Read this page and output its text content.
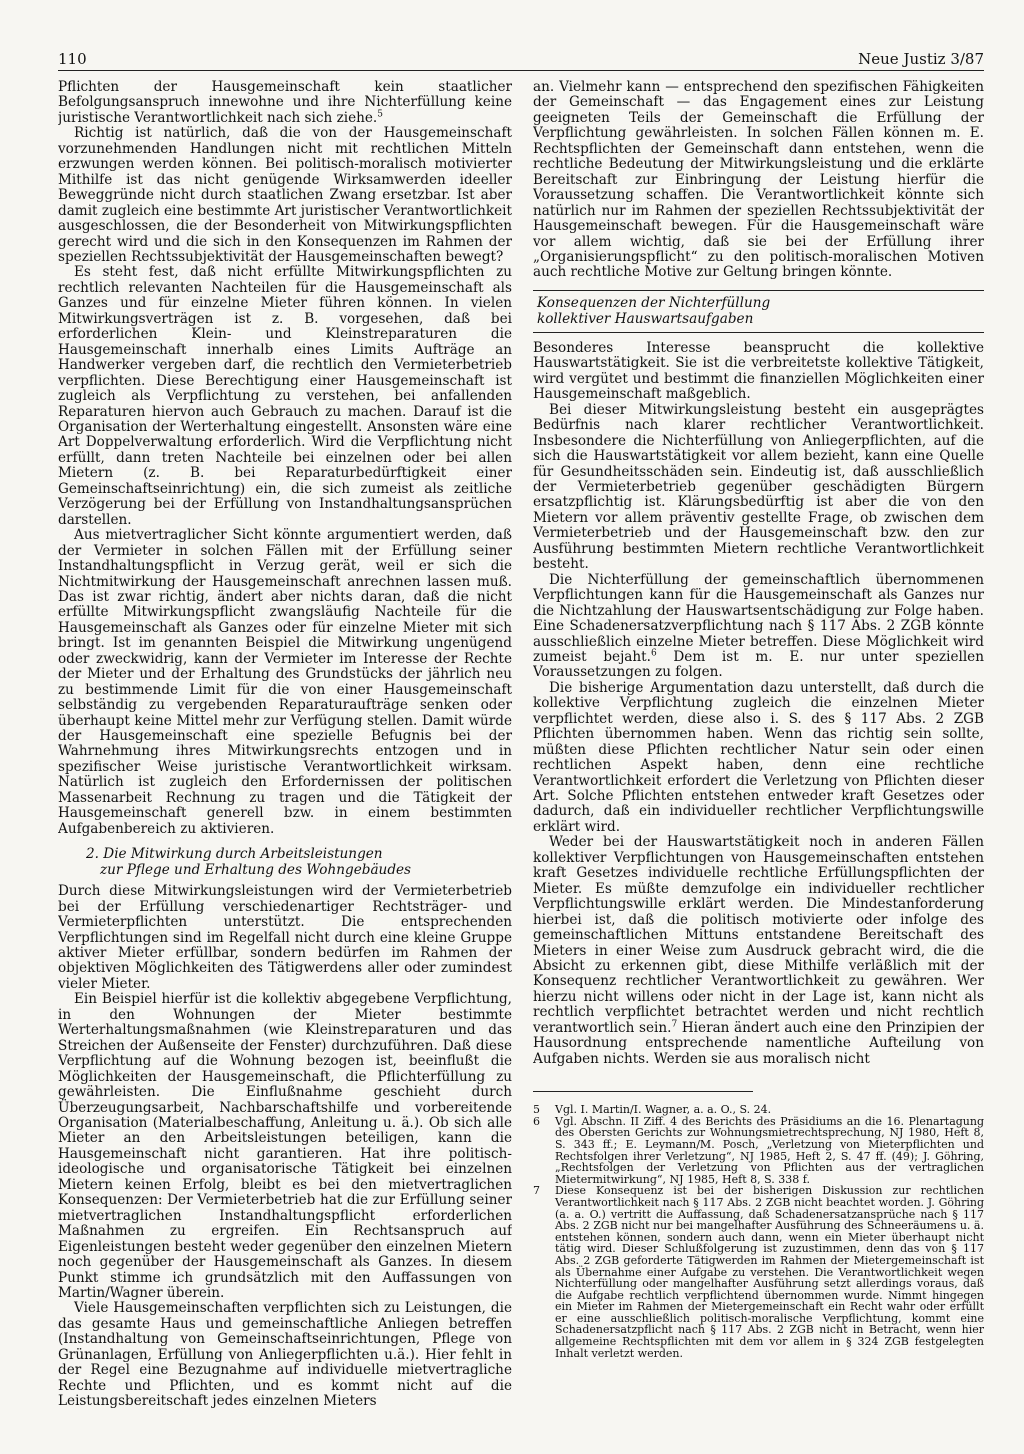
110	Neue Justiz 3/87

Pflichten der Hausgemeinschaft kein staatlicher Befolgungsanspruch innewohne und ihre Nichterfüllung keine juristische Verantwortlichkeit nach sich ziehe.$^5$

Richtig ist natürlich, daß die von der Hausgemeinschaft vorzunehmenden Handlungen nicht mit rechtlichen Mitteln erzwungen werden können. Bei politisch-moralisch motivierter Mithilfe ist das nicht genügende Wirksamwerden ideeller Beweggründe nicht durch staatlichen Zwang ersetzbar. Ist aber damit zugleich eine bestimmte Art juristischer Verantwortlichkeit ausgeschlossen, die der Besonderheit von Mitwirkungspflichten gerecht wird und die sich in den Konsequenzen im Rahmen der speziellen Rechtssubjektivität der Hausgemeinschaften bewegt?

Es steht fest, daß nicht erfüllte Mitwirkungspflichten zu rechtlich relevanten Nachteilen für die Hausgemeinschaft als Ganzes und für einzelne Mieter führen können. In vielen Mitwirkungsverträgen ist z. B. vorgesehen, daß bei erforderlichen Klein- und Kleinstreparaturen die Hausgemeinschaft innerhalb eines Limits Aufträge an Handwerker vergeben darf, die rechtlich den Vermieterbetrieb verpflichten. Diese Berechtigung einer Hausgemeinschaft ist zugleich als Verpflichtung zu verstehen, bei anfallenden Reparaturen hiervon auch Gebrauch zu machen. Darauf ist die Organisation der Werterhaltung eingestellt. Ansonsten wäre eine Art Doppelverwaltung erforderlich. Wird die Verpflichtung nicht erfüllt, dann treten Nachteile bei einzelnen oder bei allen Mietern (z. B. bei Reparaturbedürftigkeit einer Gemeinschaftseinrichtung) ein, die sich zumeist als zeitliche Verzögerung bei der Erfüllung von Instandhaltungsansprüchen darstellen.

Aus mietvertraglicher Sicht könnte argumentiert werden, daß der Vermieter in solchen Fällen mit der Erfüllung seiner Instandhaltungspflicht in Verzug gerät, weil er sich die Nichtmitwirkung der Hausgemeinschaft anrechnen lassen muß. Das ist zwar richtig, ändert aber nichts daran, daß die nicht erfüllte Mitwirkungspflicht zwangsläufig Nachteile für die Hausgemeinschaft als Ganzes oder für einzelne Mieter mit sich bringt. Ist im genannten Beispiel die Mitwirkung ungenügend oder zweckwidrig, kann der Vermieter im Interesse der Rechte der Mieter und der Erhaltung des Grundstücks der jährlich neu zu bestimmende Limit für die von einer Hausgemeinschaft selbständig zu vergebenden Reparaturaufträge senken oder überhaupt keine Mittel mehr zur Verfügung stellen. Damit würde der Hausgemeinschaft eine spezielle Befugnis bei der Wahrnehmung ihres Mitwirkungsrechts entzogen und in spezifischer Weise juristische Verantwortlichkeit wirksam. Natürlich ist zugleich den Erfordernissen der politischen Massenarbeit Rechnung zu tragen und die Tätigkeit der Hausgemeinschaft generell bzw. in einem bestimmten Aufgabenbereich zu aktivieren.

2. Die Mitwirkung durch Arbeitsleistungen
zur Pflege und Erhaltung des Wohngebäudes

Durch diese Mitwirkungsleistungen wird der Vermieterbetrieb bei der Erfüllung verschiedenartiger Rechtsträger- und Vermieterpflichten unterstützt. Die entsprechenden Verpflichtungen sind im Regelfall nicht durch eine kleine Gruppe aktiver Mieter erfüllbar, sondern bedürfen im Rahmen der objektiven Möglichkeiten des Tätigwerdens aller oder zumindest vieler Mieter.

Ein Beispiel hierfür ist die kollektiv abgegebene Verpflichtung, in den Wohnungen der Mieter bestimmte Werterhaltungsmaßnahmen (wie Kleinstreparaturen und das Streichen der Außenseite der Fenster) durchzuführen. Daß diese Verpflichtung auf die Wohnung bezogen ist, beeinflußt die Möglichkeiten der Hausgemeinschaft, die Pflichterfüllung zu gewährleisten. Die Einflußnahme geschieht durch Überzeugungsarbeit, Nachbarschaftshilfe und vorbereitende Organisation (Materialbeschaffung, Anleitung u. ä.). Ob sich alle Mieter an den Arbeitsleistungen beteiligen, kann die Hausgemeinschaft nicht garantieren. Hat ihre politisch-ideologische und organisatorische Tätigkeit bei einzelnen Mietern keinen Erfolg, bleibt es bei den mietvertraglichen Konsequenzen: Der Vermieterbetrieb hat die zur Erfüllung seiner mietvertraglichen Instandhaltungspflicht erforderlichen Maßnahmen zu ergreifen. Ein Rechtsanspruch auf Eigenleistungen besteht weder gegenüber den einzelnen Mietern noch gegenüber der Hausgemeinschaft als Ganzes. In diesem Punkt stimme ich grundsätzlich mit den Auffassungen von Martin/Wagner überein.

Viele Hausgemeinschaften verpflichten sich zu Leistungen, die das gesamte Haus und gemeinschaftliche Anliegen betreffen (Instandhaltung von Gemeinschaftseinrichtungen, Pflege von Grünanlagen, Erfüllung von Anliegerpflichten u.ä.). Hier fehlt in der Regel eine Bezugnahme auf individuelle mietvertragliche Rechte und Pflichten, und es kommt nicht auf die Leistungsbereitschaft jedes einzelnen Mieters

an. Vielmehr kann — entsprechend den spezifischen Fähigkeiten der Gemeinschaft — das Engagement eines zur Leistung geeigneten Teils der Gemeinschaft die Erfüllung der Verpflichtung gewährleisten. In solchen Fällen können m. E. Rechtspflichten der Gemeinschaft dann entstehen, wenn die rechtliche Bedeutung der Mitwirkungsleistung und die erklärte Bereitschaft zur Einbringung der Leistung hierfür die Voraussetzung schaffen. Die Verantwortlichkeit könnte sich natürlich nur im Rahmen der speziellen Rechtssubjektivität der Hausgemeinschaft bewegen. Für die Hausgemeinschaft wäre vor allem wichtig, daß sie bei der Erfüllung ihrer „Organisierungspflicht“ zu den politisch-moralischen Motiven auch rechtliche Motive zur Geltung bringen könnte.

Konsequenzen der Nichterfüllung
kollektiver Hauswartsaufgaben

Besonderes Interesse beansprucht die kollektive Hauswartstätigkeit. Sie ist die verbreitetste kollektive Tätigkeit, wird vergütet und bestimmt die finanziellen Möglichkeiten einer Hausgemeinschaft maßgeblich.

Bei dieser Mitwirkungsleistung besteht ein ausgeprägtes Bedürfnis nach klarer rechtlicher Verantwortlichkeit. Insbesondere die Nichterfüllung von Anliegerpflichten, auf die sich die Hauswartstätigkeit vor allem bezieht, kann eine Quelle für Gesundheitsschäden sein. Eindeutig ist, daß ausschließlich der Vermieterbetrieb gegenüber geschädigten Bürgern ersatzpflichtig ist. Klärungsbedürftig ist aber die von den Mietern vor allem präventiv gestellte Frage, ob zwischen dem Vermieterbetrieb und der Hausgemeinschaft bzw. den zur Ausführung bestimmten Mietern rechtliche Verantwortlichkeit besteht.

Die Nichterfüllung der gemeinschaftlich übernommenen Verpflichtungen kann für die Hausgemeinschaft als Ganzes nur die Nichtzahlung der Hauswartsentschädigung zur Folge haben. Eine Schadenersatzverpflichtung nach § 117 Abs. 2 ZGB könnte ausschließlich einzelne Mieter betreffen. Diese Möglichkeit wird zumeist bejaht.$^6$ Dem ist m. E. nur unter speziellen Voraussetzungen zu folgen.

Die bisherige Argumentation dazu unterstellt, daß durch die kollektive Verpflichtung zugleich die einzelnen Mieter verpflichtet werden, diese also i. S. des § 117 Abs. 2 ZGB Pflichten übernommen haben. Wenn das richtig sein sollte, müßten diese Pflichten rechtlicher Natur sein oder einen rechtlichen Aspekt haben, denn eine rechtliche Verantwortlichkeit erfordert die Verletzung von Pflichten dieser Art. Solche Pflichten entstehen entweder kraft Gesetzes oder dadurch, daß ein individueller rechtlicher Verpflichtungswille erklärt wird.

Weder bei der Hauswartstätigkeit noch in anderen Fällen kollektiver Verpflichtungen von Hausgemeinschaften entstehen kraft Gesetzes individuelle rechtliche Erfüllungspflichten der Mieter. Es müßte demzufolge ein individueller rechtlicher Verpflichtungswille erklärt werden. Die Mindestanforderung hierbei ist, daß die politisch motivierte oder infolge des gemeinschaftlichen Mittuns entstandene Bereitschaft des Mieters in einer Weise zum Ausdruck gebracht wird, die die Absicht zu erkennen gibt, diese Mithilfe verläßlich mit der Konsequenz rechtlicher Verantwortlichkeit zu gewähren. Wer hierzu nicht willens oder nicht in der Lage ist, kann nicht als rechtlich verpflichtet betrachtet werden und nicht rechtlich verantwortlich sein.$^7$ Hieran ändert auch eine den Prinzipien der Hausordnung entsprechende namentliche Aufteilung von Aufgaben nichts. Werden sie aus moralisch nicht

5	Vgl. I. Martin/I. Wagner, a. a. O., S. 24.
6	Vgl. Abschn. II Ziff. 4 des Berichts des Präsidiums an die 16. Plenartagung des Obersten Gerichts zur Wohnungsmietrechtsprechung, NJ 1980, Heft 8, S. 343 ff.; E. Leymann/M. Posch, „Verletzung von Mieterpflichten und Rechtsfolgen ihrer Verletzung“, NJ 1985, Heft 2, S. 47 ff. (49); J. Göhring, „Rechtsfolgen der Verletzung von Pflichten aus der vertraglichen Mietermitwirkung“, NJ 1985, Heft 8, S. 338 f.
7	Diese Konsequenz ist bei der bisherigen Diskussion zur rechtlichen Verantwortlichkeit nach § 117 Abs. 2 ZGB nicht beachtet worden. J. Göhring (a. a. O.) vertritt die Auffassung, daß Schadenersatzansprüche nach § 117 Abs. 2 ZGB nicht nur bei mangelhafter Ausführung des Schneeräumens u. ä. entstehen können, sondern auch dann, wenn ein Mieter überhaupt nicht tätig wird. Dieser Schlußfolgerung ist zuzustimmen, denn das von § 117 Abs. 2 ZGB geforderte Tätigwerden im Rahmen der Mietergemeinschaft ist als Übernahme einer Aufgabe zu verstehen. Die Verantwortlichkeit wegen Nichterfüllung oder mangelhafter Ausführung setzt allerdings voraus, daß die Aufgabe rechtlich verpflichtend übernommen wurde. Nimmt hingegen ein Mieter im Rahmen der Mietergemeinschaft ein Recht wahr oder erfüllt er eine ausschließlich politisch-moralische Verpflichtung, kommt eine Schadenersatzpflicht nach § 117 Abs. 2 ZGB nicht in Betracht, wenn hier allgemeine Rechtspflichten mit dem vor allem in § 324 ZGB festgelegten Inhalt verletzt werden.
